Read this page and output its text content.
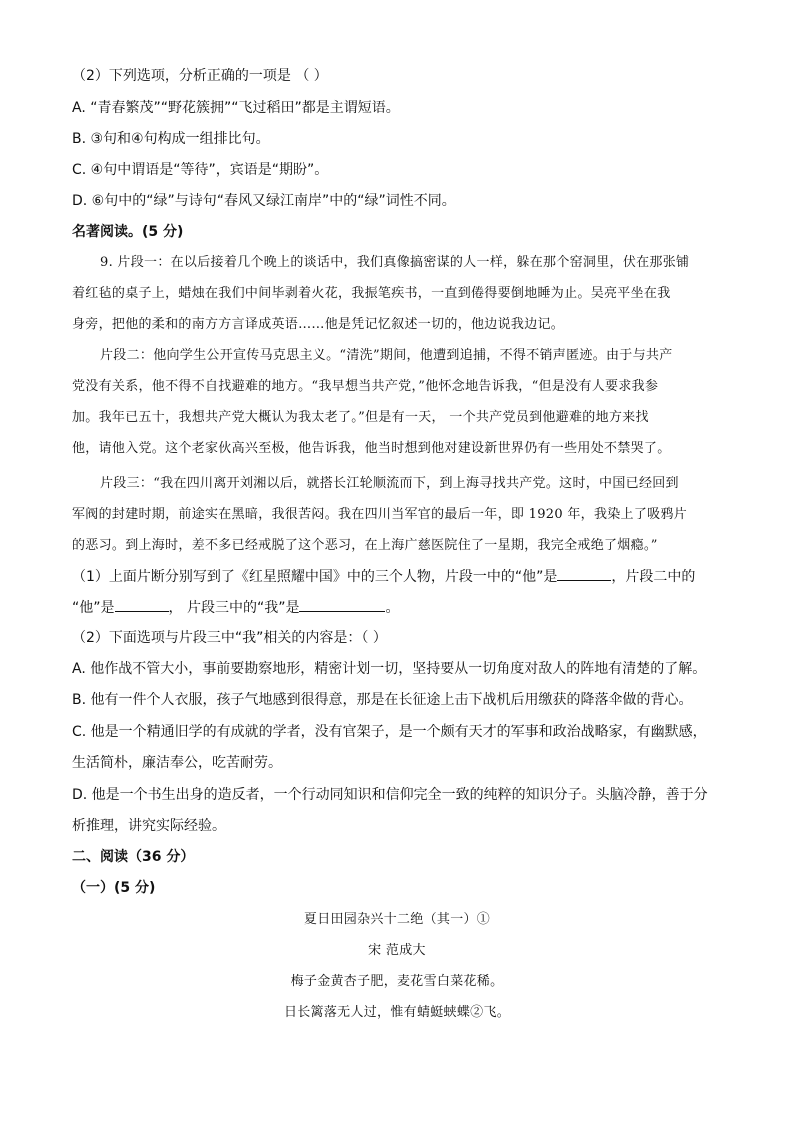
（2）下列选项，分析正确的一项是 （ ）
A. “青春繁茂”“野花簇拥”“飞过稻田”都是主谓短语。
B. ③句和④句构成一组排比句。
C. ④句中谓语是“等待”，宾语是“期盼”。
D. ⑥句中的“绿”与诗句“春风又绿江南岸”中的“绿”词性不同。
名著阅读。(5 分)
9. 片段一：在以后接着几个晚上的谈话中，我们真像搞密谋的人一样，躲在那个窑洞里，伏在那张铺
着红毡的桌子上，蜡烛在我们中间毕剥着火花，我振笔疾书，一直到倦得要倒地睡为止。吴亮平坐在我
身旁，把他的柔和的南方方言译成英语……他是凭记忆叙述一切的，他边说我边记。
片段二：他向学生公开宣传马克思主义。“清洗”期间，他遭到追捕，不得不销声匿迹。由于与共产
党没有关系，他不得不自找避难的地方。“我早想当共产党，”他怀念地告诉我，“但是没有人要求我参
加。我年已五十，我想共产党大概认为我太老了。”但是有一天， 一个共产党员到他避难的地方来找
他，请他入党。这个老家伙高兴至极，他告诉我，他当时想到他对建设新世界仍有一些用处不禁哭了。
片段三：“我在四川离开刘湘以后，就搭长江轮顺流而下，到上海寻找共产党。这时，中国已经回到
军阀的封建时期，前途实在黑暗，我很苦闷。我在四川当军官的最后一年，即 1920 年，我染上了吸鸦片
的恶习。到上海时，差不多已经戒脱了这个恶习，在上海广慈医院住了一星期，我完全戒绝了烟瘾。”
（1）上面片断分别写到了《红星照耀中国》中的三个人物，片段一中的“他”是	，片段二中的
“他”是	， 片段三中的“我”是	。
（2）下面选项与片段三中“我”相关的内容是：（ ）
A. 他作战不管大小，事前要勘察地形，精密计划一切，坚持要从一切角度对敌人的阵地有清楚的了解。
B. 他有一件个人衣服，孩子气地感到很得意，那是在长征途上击下战机后用缴获的降落伞做的背心。
C. 他是一个精通旧学的有成就的学者，没有官架子，是一个颇有天才的军事和政治战略家，有幽默感，
生活简朴，廉洁奉公，吃苦耐劳。
D. 他是一个书生出身的造反者，一个行动同知识和信仰完全一致的纯粹的知识分子。头脑冷静，善于分
析推理，讲究实际经验。
二、阅读（36 分）
（一）(5 分)
夏日田园杂兴十二绝（其一）①
宋 范成大
梅子金黄杏子肥，麦花雪白菜花稀。
日长篱落无人过，惟有蜻蜓蛱蝶②飞。
